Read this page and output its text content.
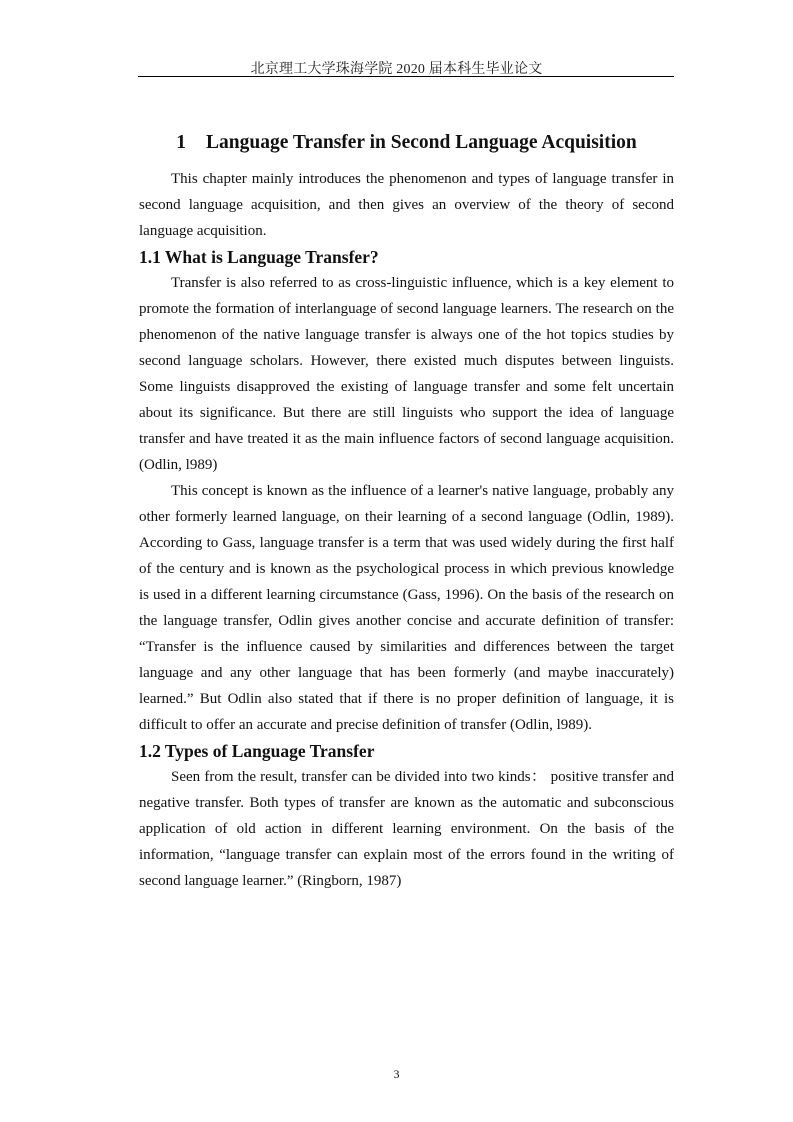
北京理工大学珠海学院 2020 届本科生毕业论文
1 Language Transfer in Second Language Acquisition

This chapter mainly introduces the phenomenon and types of language transfer in second language acquisition, and then gives an overview of the theory of second language acquisition.

1.1 What is Language Transfer?

Transfer is also referred to as cross-linguistic influence, which is a key element to promote the formation of interlanguage of second language learners. The research on the phenomenon of the native language transfer is always one of the hot topics studies by second language scholars. However, there existed much disputes between linguists. Some linguists disapproved the existing of language transfer and some felt uncertain about its significance. But there are still linguists who support the idea of language transfer and have treated it as the main influence factors of second language acquisition. (Odlin, l989)

This concept is known as the influence of a learner's native language, probably any other formerly learned language, on their learning of a second language (Odlin, 1989). According to Gass, language transfer is a term that was used widely during the first half of the century and is known as the psychological process in which previous knowledge is used in a different learning circumstance (Gass, 1996). On the basis of the research on the language transfer, Odlin gives another concise and accurate definition of transfer: “Transfer is the influence caused by similarities and differences between the target language and any other language that has been formerly (and maybe inaccurately) learned.” But Odlin also stated that if there is no proper definition of language, it is difficult to offer an accurate and precise definition of transfer (Odlin, l989).

1.2 Types of Language Transfer

Seen from the result, transfer can be divided into two kinds： positive transfer and negative transfer. Both types of transfer are known as the automatic and subconscious application of old action in different learning environment. On the basis of the information, “language transfer can explain most of the errors found in the writing of second language learner.” (Ringborn, 1987)

3
